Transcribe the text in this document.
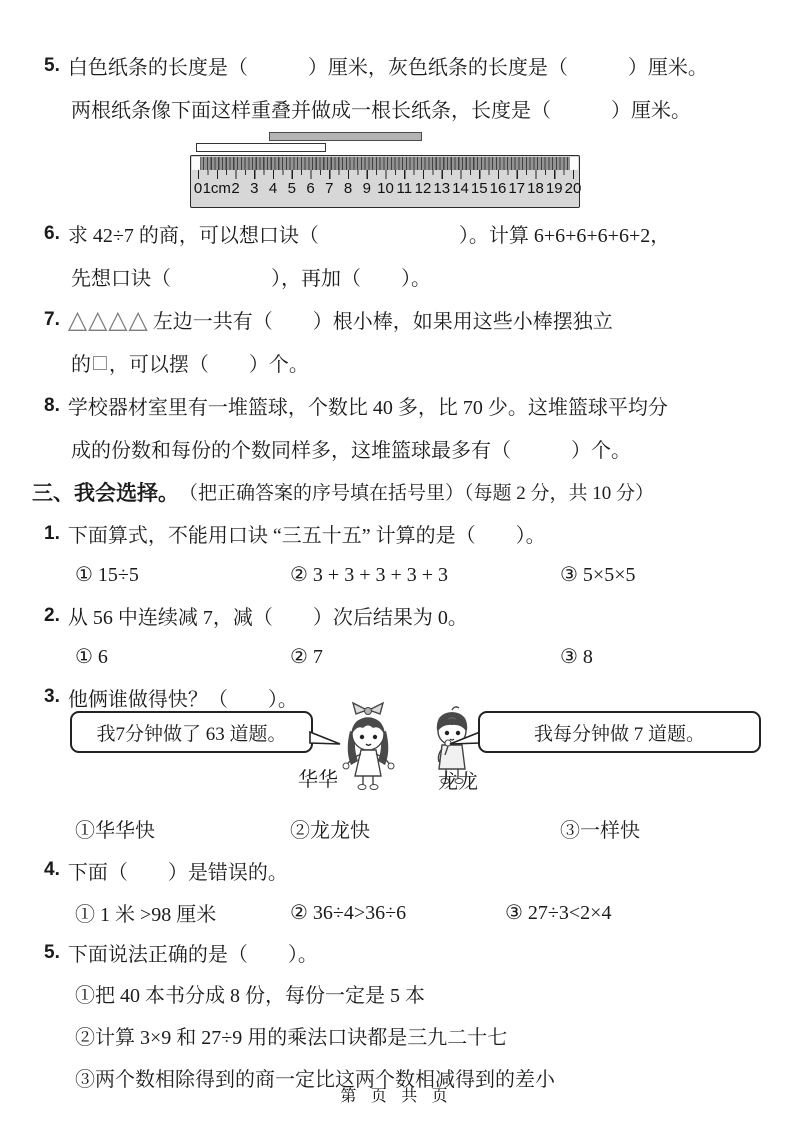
5. 白色纸条的长度是（　　　）厘米，灰色纸条的长度是（　　　）厘米。
两根纸条像下面这样重叠并做成一根长纸条，长度是（　　　）厘米。
0 1cm 2 3 4 5 6 7 8 9 10 11 12 13 14 15 16 17 18 19 20
6. 求 42÷7 的商，可以想口诀（　　　　　　　）。计算 6+6+6+6+6+2，
先想口诀（　　　　　），再加（　　）。
7. △△△△ 左边一共有（　　）根小棒，如果用这些小棒摆独立
的 □ ，可以摆（　　）个。
8. 学校器材室里有一堆篮球，个数比 40 多，比 70 少。这堆篮球平均分
成的份数和每份的个数同样多，这堆篮球最多有（　　　）个。
三、我会选择。 （把正确答案的序号填在括号里）（每题 2 分，共 10 分）
1. 下面算式，不能用口诀 “三五十五” 计算的是（　　）。
① 15÷5	② 3 + 3 + 3 + 3 + 3	③ 5×5×5
2. 从 56 中连续减 7，减（　　）次后结果为 0。
① 6	② 7	③ 8
3. 他俩谁做得快？（　　）。
我7分钟做了 63 道题。
华华	龙龙
我每分钟做 7 道题。
①华华快	②龙龙快	③一样快
4. 下面（　　）是错误的。
① 1 米 >98 厘米	② 36÷4>36÷6	③ 27÷3<2×4
5. 下面说法正确的是（　　）。
①把 40 本书分成 8 份，每份一定是 5 本
②计算 3×9 和 27÷9 用的乘法口诀都是三九二十七
③两个数相除得到的商一定比这两个数相减得到的差小
第 页 共 页
